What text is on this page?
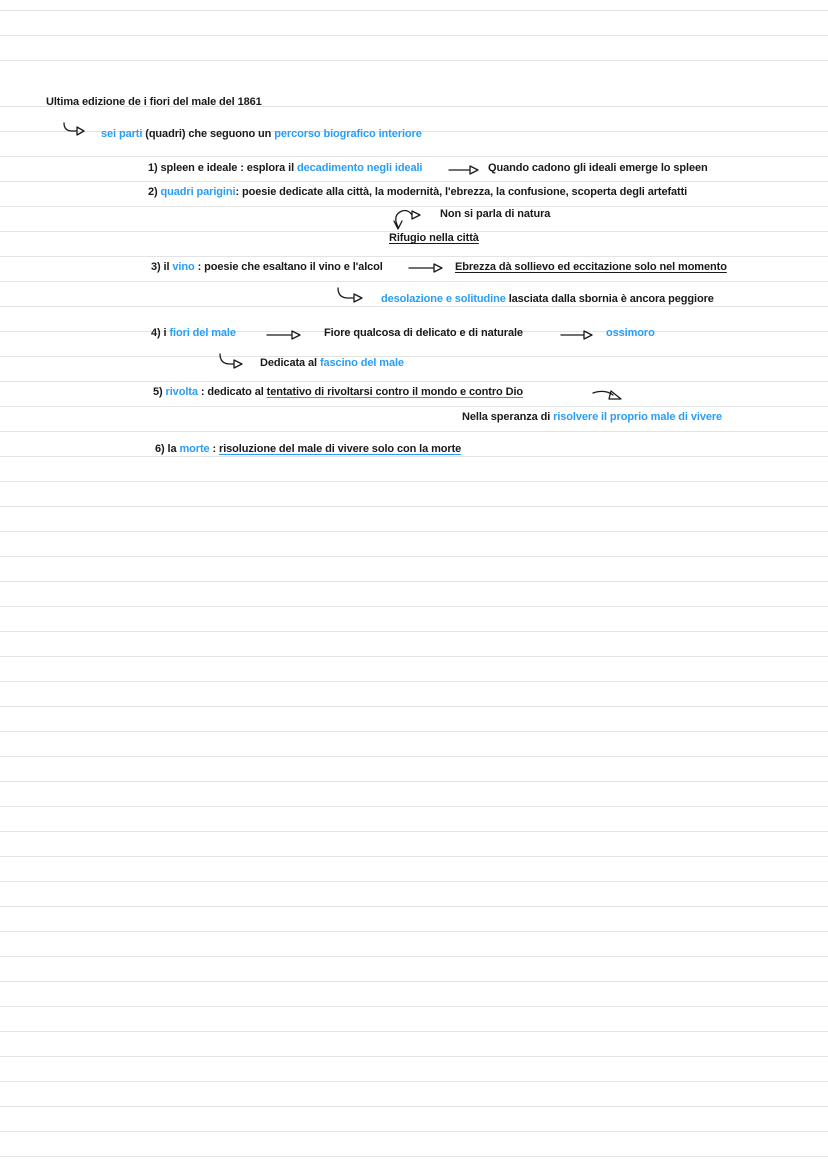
Ultima edizione de i fiori del male del 1861
sei parti (quadri) che seguono un percorso biografico interiore
1) spleen e ideale : esplora il decadimento negli ideali	Quando cadono gli ideali emerge lo spleen
2) quadri parigini: poesie dedicate alla città, la modernità, l'ebrezza, la confusione, scoperta degli artefatti
Non si parla di natura
Rifugio nella città
3) il vino : poesie che esaltano il vino e l'alcol	Ebrezza dà sollievo ed eccitazione solo nel momento
desolazione e solitudine lasciata dalla sbornia è ancora peggiore
4) i fiori del male	Fiore qualcosa di delicato e di naturale	ossimoro
Dedicata al fascino del male
5) rivolta : dedicato al tentativo di rivoltarsi contro il mondo e contro Dio
Nella speranza di risolvere il proprio male di vivere
6) la morte : risoluzione del male di vivere solo con la morte
